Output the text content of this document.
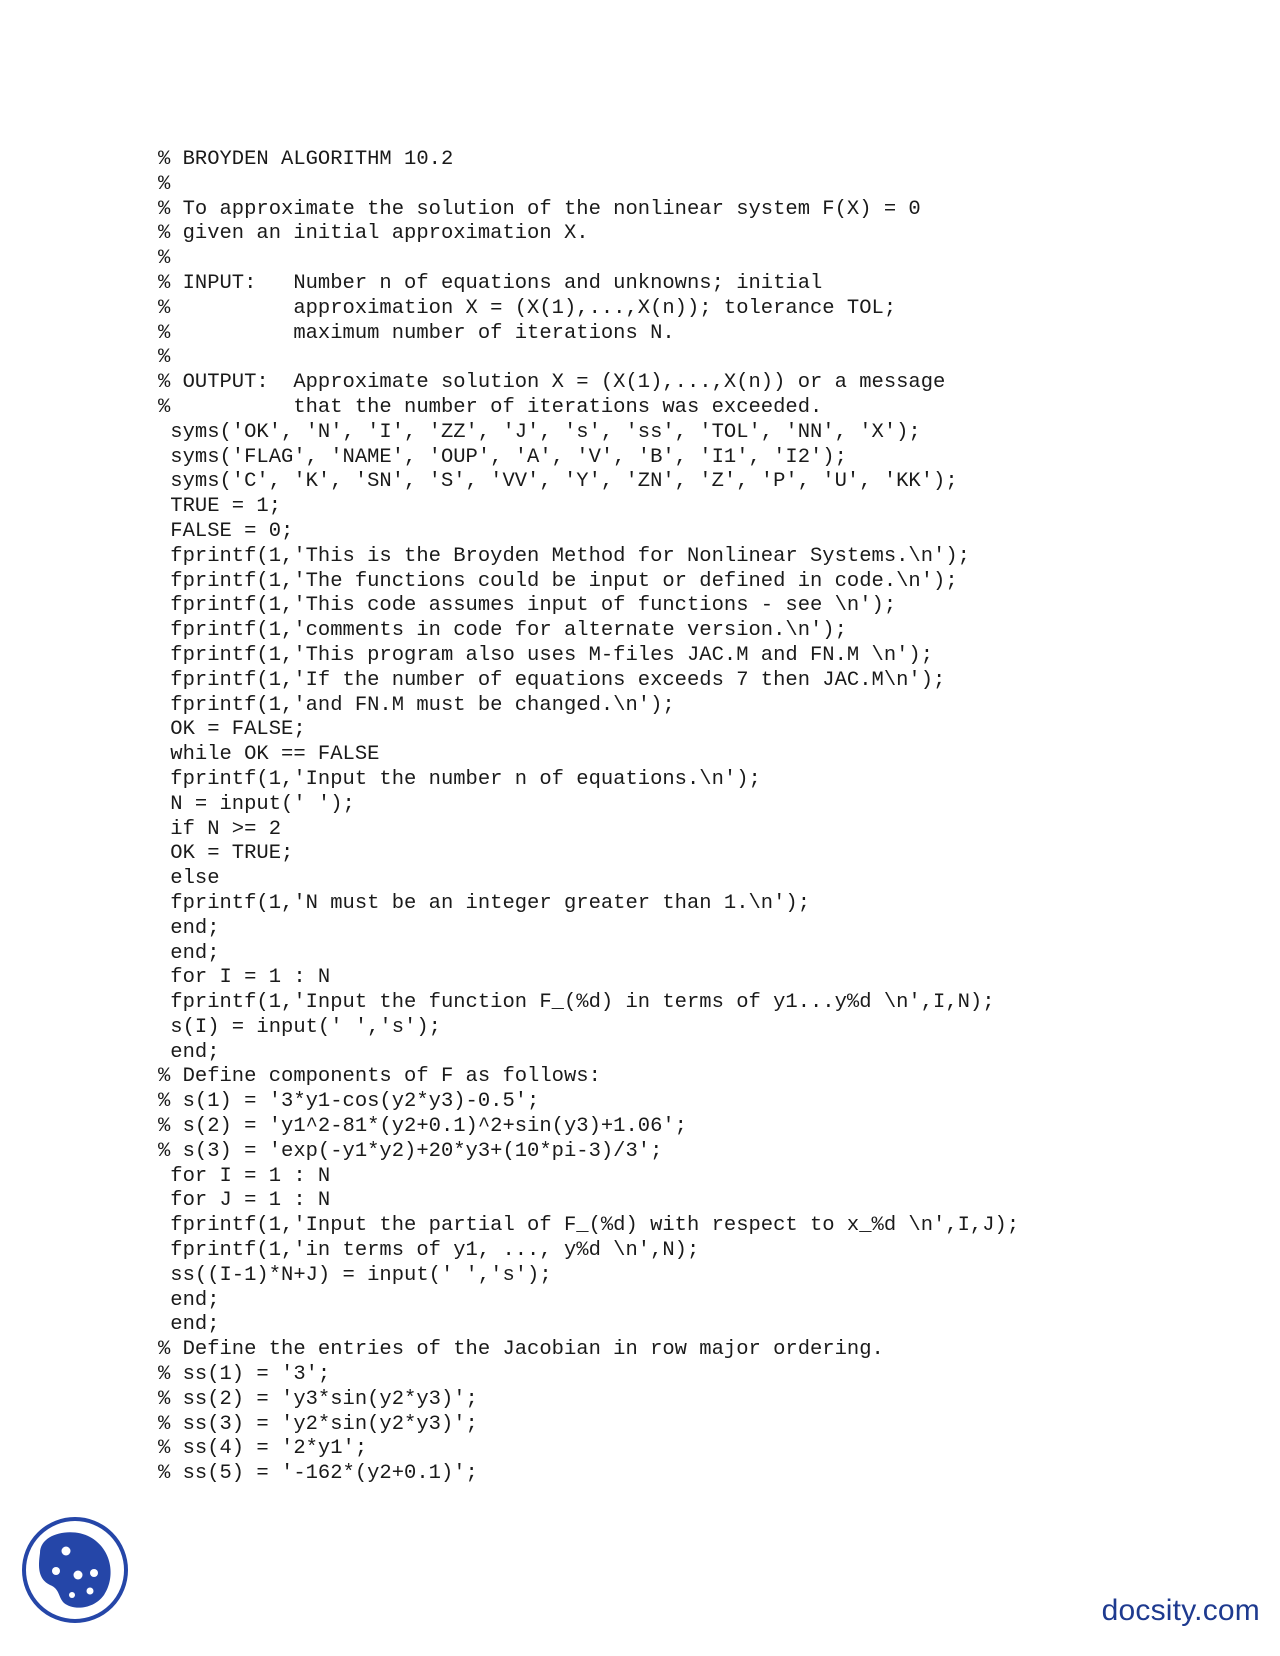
% BROYDEN ALGORITHM 10.2
%
% To approximate the solution of the nonlinear system F(X) = 0
% given an initial approximation X.
%
% INPUT:   Number n of equations and unknowns; initial
%          approximation X = (X(1),...,X(n)); tolerance TOL;
%          maximum number of iterations N.
%
% OUTPUT:  Approximate solution X = (X(1),...,X(n)) or a message
%          that the number of iterations was exceeded.
syms('OK', 'N', 'I', 'ZZ', 'J', 's', 'ss', 'TOL', 'NN', 'X');
syms('FLAG', 'NAME', 'OUP', 'A', 'V', 'B', 'I1', 'I2');
syms('C', 'K', 'SN', 'S', 'VV', 'Y', 'ZN', 'Z', 'P', 'U', 'KK');
TRUE = 1;
FALSE = 0;
fprintf(1,'This is the Broyden Method for Nonlinear Systems.\n');
fprintf(1,'The functions could be input or defined in code.\n');
fprintf(1,'This code assumes input of functions - see \n');
fprintf(1,'comments in code for alternate version.\n');
fprintf(1,'This program also uses M-files JAC.M and FN.M \n');
fprintf(1,'If the number of equations exceeds 7 then JAC.M\n');
fprintf(1,'and FN.M must be changed.\n');
OK = FALSE;
while OK == FALSE
fprintf(1,'Input the number n of equations.\n');
N = input(' ');
if N >= 2
OK = TRUE;
else
fprintf(1,'N must be an integer greater than 1.\n');
end;
end;
for I = 1 : N
fprintf(1,'Input the function F_(%d) in terms of y1...y%d \n',I,N);
s(I) = input(' ','s');
end;
% Define components of F as follows:
% s(1) = '3*y1-cos(y2*y3)-0.5';
% s(2) = 'y1^2-81*(y2+0.1)^2+sin(y3)+1.06';
% s(3) = 'exp(-y1*y2)+20*y3+(10*pi-3)/3';
for I = 1 : N
for J = 1 : N
fprintf(1,'Input the partial of F_(%d) with respect to x_%d \n',I,J);
fprintf(1,'in terms of y1, ..., y%d \n',N);
ss((I-1)*N+J) = input(' ','s');
end;
end;
% Define the entries of the Jacobian in row major ordering.
% ss(1) = '3';
% ss(2) = 'y3*sin(y2*y3)';
% ss(3) = 'y2*sin(y2*y3)';
% ss(4) = '2*y1';
% ss(5) = '-162*(y2+0.1)';
docsity.com
